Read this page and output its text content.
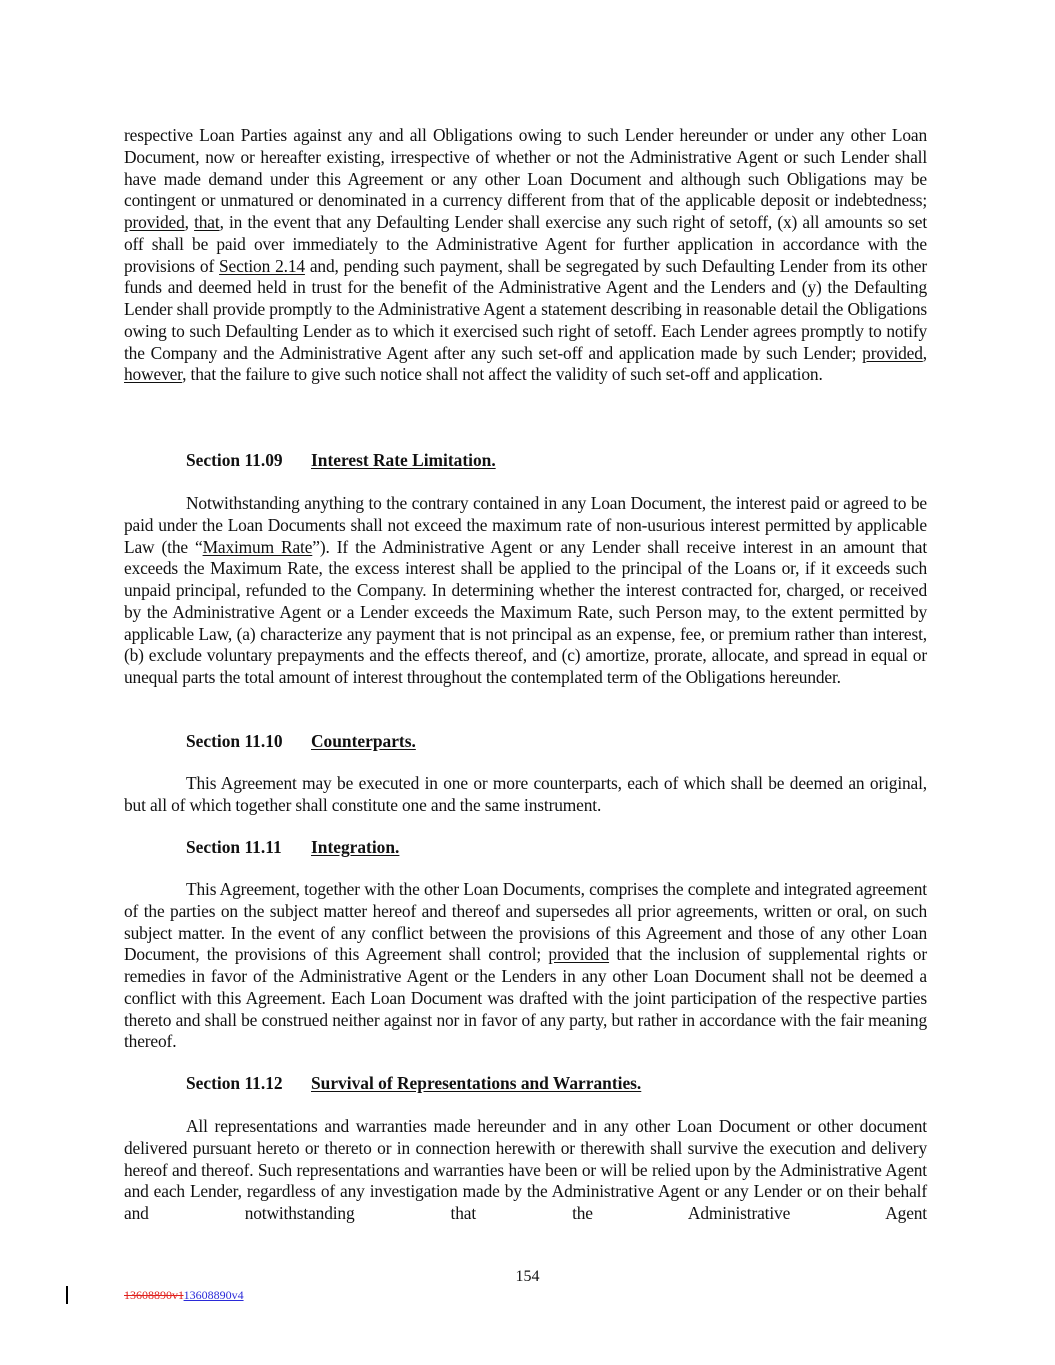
respective Loan Parties against any and all Obligations owing to such Lender hereunder or under any other Loan Document, now or hereafter existing, irrespective of whether or not the Administrative Agent or such Lender shall have made demand under this Agreement or any other Loan Document and although such Obligations may be contingent or unmatured or denominated in a currency different from that of the applicable deposit or indebtedness; provided, that, in the event that any Defaulting Lender shall exercise any such right of setoff, (x) all amounts so set off shall be paid over immediately to the Administrative Agent for further application in accordance with the provisions of Section 2.14 and, pending such payment, shall be segregated by such Defaulting Lender from its other funds and deemed held in trust for the benefit of the Administrative Agent and the Lenders and (y) the Defaulting Lender shall provide promptly to the Administrative Agent a statement describing in reasonable detail the Obligations owing to such Defaulting Lender as to which it exercised such right of setoff. Each Lender agrees promptly to notify the Company and the Administrative Agent after any such set-off and application made by such Lender; provided, however, that the failure to give such notice shall not affect the validity of such set-off and application.

Section 11.09 Interest Rate Limitation.

Notwithstanding anything to the contrary contained in any Loan Document, the interest paid or agreed to be paid under the Loan Documents shall not exceed the maximum rate of non-usurious interest permitted by applicable Law (the “Maximum Rate”). If the Administrative Agent or any Lender shall receive interest in an amount that exceeds the Maximum Rate, the excess interest shall be applied to the principal of the Loans or, if it exceeds such unpaid principal, refunded to the Company. In determining whether the interest contracted for, charged, or received by the Administrative Agent or a Lender exceeds the Maximum Rate, such Person may, to the extent permitted by applicable Law, (a) characterize any payment that is not principal as an expense, fee, or premium rather than interest, (b) exclude voluntary prepayments and the effects thereof, and (c) amortize, prorate, allocate, and spread in equal or unequal parts the total amount of interest throughout the contemplated term of the Obligations hereunder.

Section 11.10 Counterparts.

This Agreement may be executed in one or more counterparts, each of which shall be deemed an original, but all of which together shall constitute one and the same instrument.

Section 11.11 Integration.

This Agreement, together with the other Loan Documents, comprises the complete and integrated agreement of the parties on the subject matter hereof and thereof and supersedes all prior agreements, written or oral, on such subject matter. In the event of any conflict between the provisions of this Agreement and those of any other Loan Document, the provisions of this Agreement shall control; provided that the inclusion of supplemental rights or remedies in favor of the Administrative Agent or the Lenders in any other Loan Document shall not be deemed a conflict with this Agreement. Each Loan Document was drafted with the joint participation of the respective parties thereto and shall be construed neither against nor in favor of any party, but rather in accordance with the fair meaning thereof.

Section 11.12 Survival of Representations and Warranties.

All representations and warranties made hereunder and in any other Loan Document or other document delivered pursuant hereto or thereto or in connection herewith or therewith shall survive the execution and delivery hereof and thereof. Such representations and warranties have been or will be relied upon by the Administrative Agent and each Lender, regardless of any investigation made by the Administrative Agent or any Lender or on their behalf and notwithstanding that the Administrative Agent

154
13608890v113608890v4
